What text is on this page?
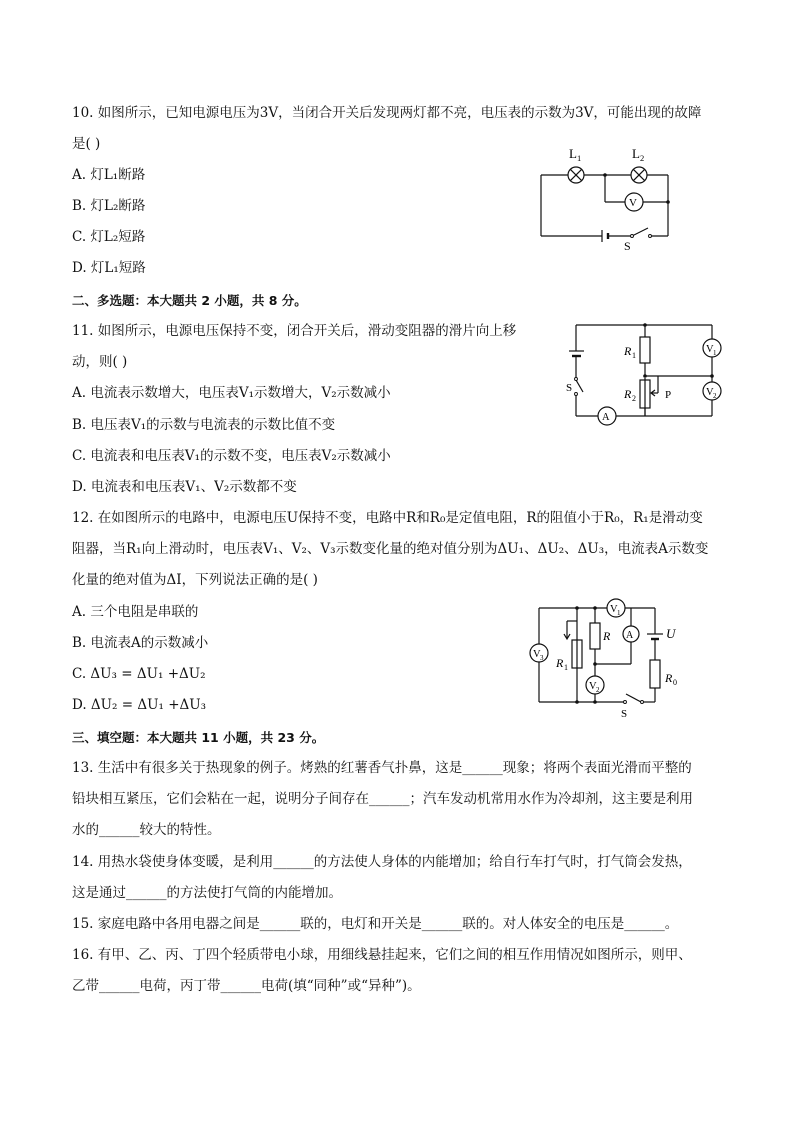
10. 如图所示，已知电源电压为3V，当闭合开关后发现两灯都不亮，电压表的示数为3V，可能出现的故障
是( )
A. 灯L₁断路
B. 灯L₂断路
C. 灯L₂短路
D. 灯L₁短路
L 1	L 2
V
S
二、多选题：本大题共 2 小题，共 8 分。
11. 如图所示，电源电压保持不变，闭合开关后，滑动变阻器的滑片向上移
动，则( )
A. 电流表示数增大，电压表V₁示数增大，V₂示数减小
B. 电压表V₁的示数与电流表的示数比值不变
C. 电流表和电压表V₁的示数不变，电压表V₂示数减小
D. 电流表和电压表V₁、V₂示数都不变
R 1
R 2	P
S
A
V 1
V 2
12. 在如图所示的电路中，电源电压U保持不变，电路中R和R₀是定值电阻，R的阻值小于R₀，R₁是滑动变
阻器，当R₁向上滑动时，电压表V₁、V₂、V₃示数变化量的绝对值分别为ΔU₁、ΔU₂、ΔU₃，电流表A示数变
化量的绝对值为ΔI，下列说法正确的是( )
A. 三个电阻是串联的
B. 电流表A的示数减小
C. ΔU₃ = ΔU₁ +ΔU₂
D. ΔU₂ = ΔU₁ +ΔU₃
V 1
V 3
V 2
A	U
R
R 1
R 0
S
三、填空题：本大题共 11 小题，共 23 分。
13. 生活中有很多关于热现象的例子。烤熟的红薯香气扑鼻，这是______现象；将两个表面光滑而平整的
铅块相互紧压，它们会粘在一起，说明分子间存在______；汽车发动机常用水作为冷却剂，这主要是利用
水的______较大的特性。
14. 用热水袋使身体变暖，是利用______的方法使人身体的内能增加；给自行车打气时，打气筒会发热，
这是通过______的方法使打气筒的内能增加。
15. 家庭电路中各用电器之间是______联的，电灯和开关是______联的。对人体安全的电压是______。
16. 有甲、乙、丙、丁四个轻质带电小球，用细线悬挂起来，它们之间的相互作用情况如图所示，则甲、
乙带______电荷，丙丁带______电荷(填“同种”或“异种”)。
